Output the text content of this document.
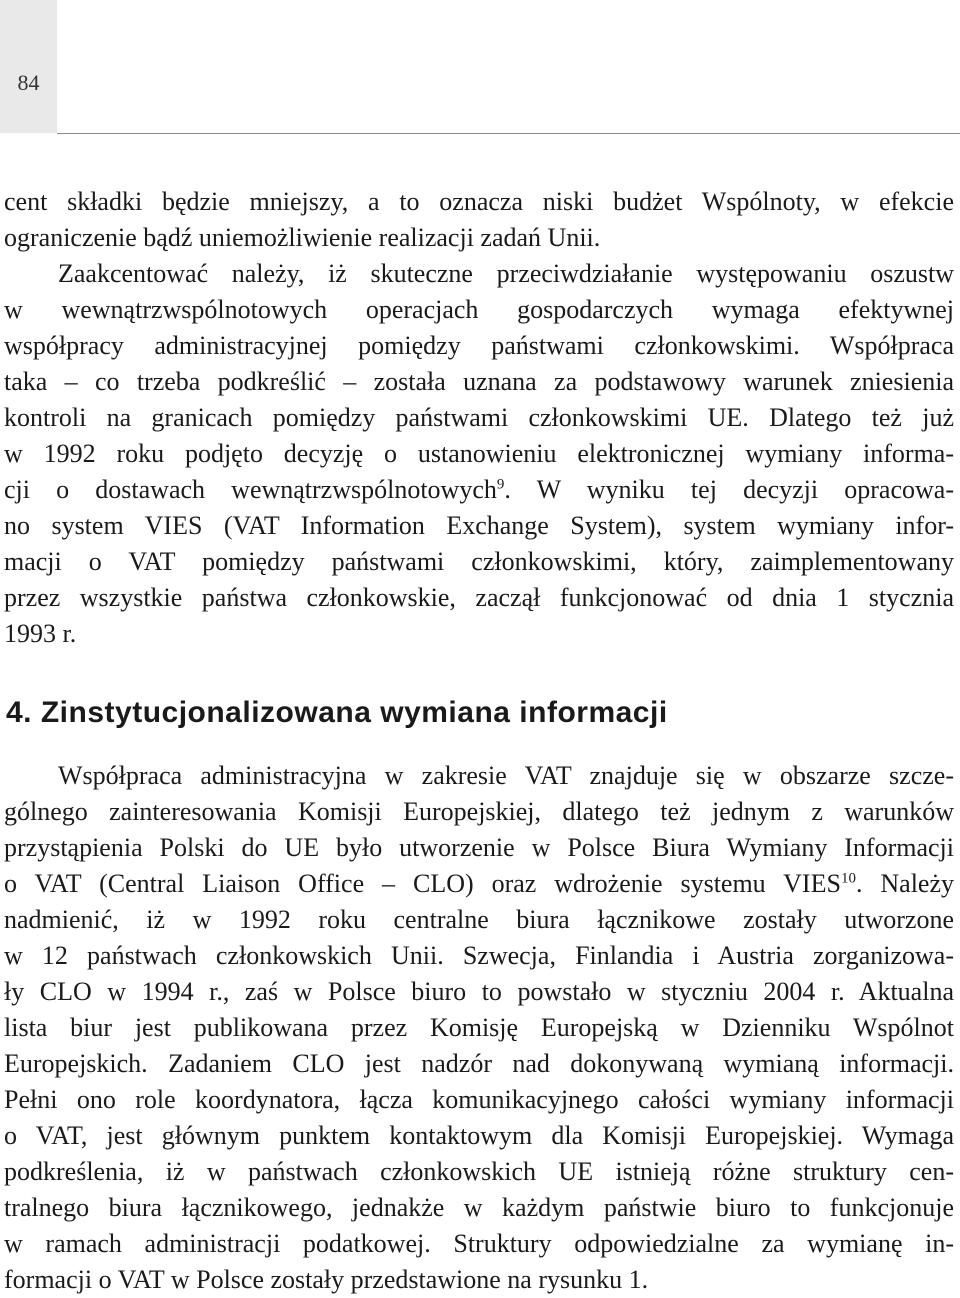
84
cent składki będzie mniejszy, a to oznacza niski budżet Wspólnoty, w efekcie
ograniczenie bądź uniemożliwienie realizacji zadań Unii.
Zaakcentować należy, iż skuteczne przeciwdziałanie występowaniu oszustw
w wewnątrzwspólnotowych operacjach gospodarczych wymaga efektywnej
współpracy administracyjnej pomiędzy państwami członkowskimi. Współpraca
taka – co trzeba podkreślić – została uznana za podstawowy warunek zniesienia
kontroli na granicach pomiędzy państwami członkowskimi UE. Dlatego też już
w 1992 roku podjęto decyzję o ustanowieniu elektronicznej wymiany informa-
cji o dostawach wewnątrzwspólnotowych$^9$. W wyniku tej decyzji opracowa-
no system VIES (VAT Information Exchange System), system wymiany infor-
macji o VAT pomiędzy państwami członkowskimi, który, zaimplementowany
przez wszystkie państwa członkowskie, zaczął funkcjonować od dnia 1 stycznia
1993 r.
4. Zinstytucjonalizowana wymiana informacji
Współpraca administracyjna w zakresie VAT znajduje się w obszarze szcze-
gólnego zainteresowania Komisji Europejskiej, dlatego też jednym z warunków
przystąpienia Polski do UE było utworzenie w Polsce Biura Wymiany Informacji
o VAT (Central Liaison Office – CLO) oraz wdrożenie systemu VIES$^{10}$. Należy
nadmienić, iż w 1992 roku centralne biura łącznikowe zostały utworzone
w 12 państwach członkowskich Unii. Szwecja, Finlandia i Austria zorganizowa-
ły CLO w 1994 r., zaś w Polsce biuro to powstało w styczniu 2004 r. Aktualna
lista biur jest publikowana przez Komisję Europejską w Dzienniku Wspólnot
Europejskich. Zadaniem CLO jest nadzór nad dokonywaną wymianą informacji.
Pełni ono role koordynatora, łącza komunikacyjnego całości wymiany informacji
o VAT, jest głównym punktem kontaktowym dla Komisji Europejskiej. Wymaga
podkreślenia, iż w państwach członkowskich UE istnieją różne struktury cen-
tralnego biura łącznikowego, jednakże w każdym państwie biuro to funkcjonuje
w ramach administracji podatkowej. Struktury odpowiedzialne za wymianę in-
formacji o VAT w Polsce zostały przedstawione na rysunku 1.
